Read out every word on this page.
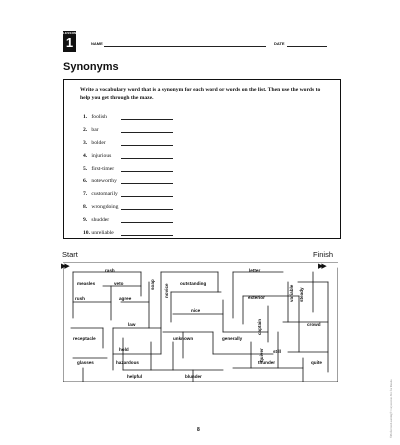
LESSON
1	NAME	DATE
Synonyms

Write a vocabulary word that is a synonym for each word or words on the list. Then use the words to help you get through the maze.

1. foolish
2. bar
3. bolder
4. injurious
5. first-timer
6. noteworthy
7. customarily
8. wrongdoing
9. shudder
10. unreliable
Start	Finish
▶▶	▶▶
rash
soap novice
letter
measles	veto	outstanding
variable steady
rush	agree	exterior
nice
captain
law	crowd
receptacle	unknown	generally
hold	quiver still
glasses	hazardous	thunder	quite
helpful	blunder
8	©Perfection Learning® Corporation. Not for Resale.
